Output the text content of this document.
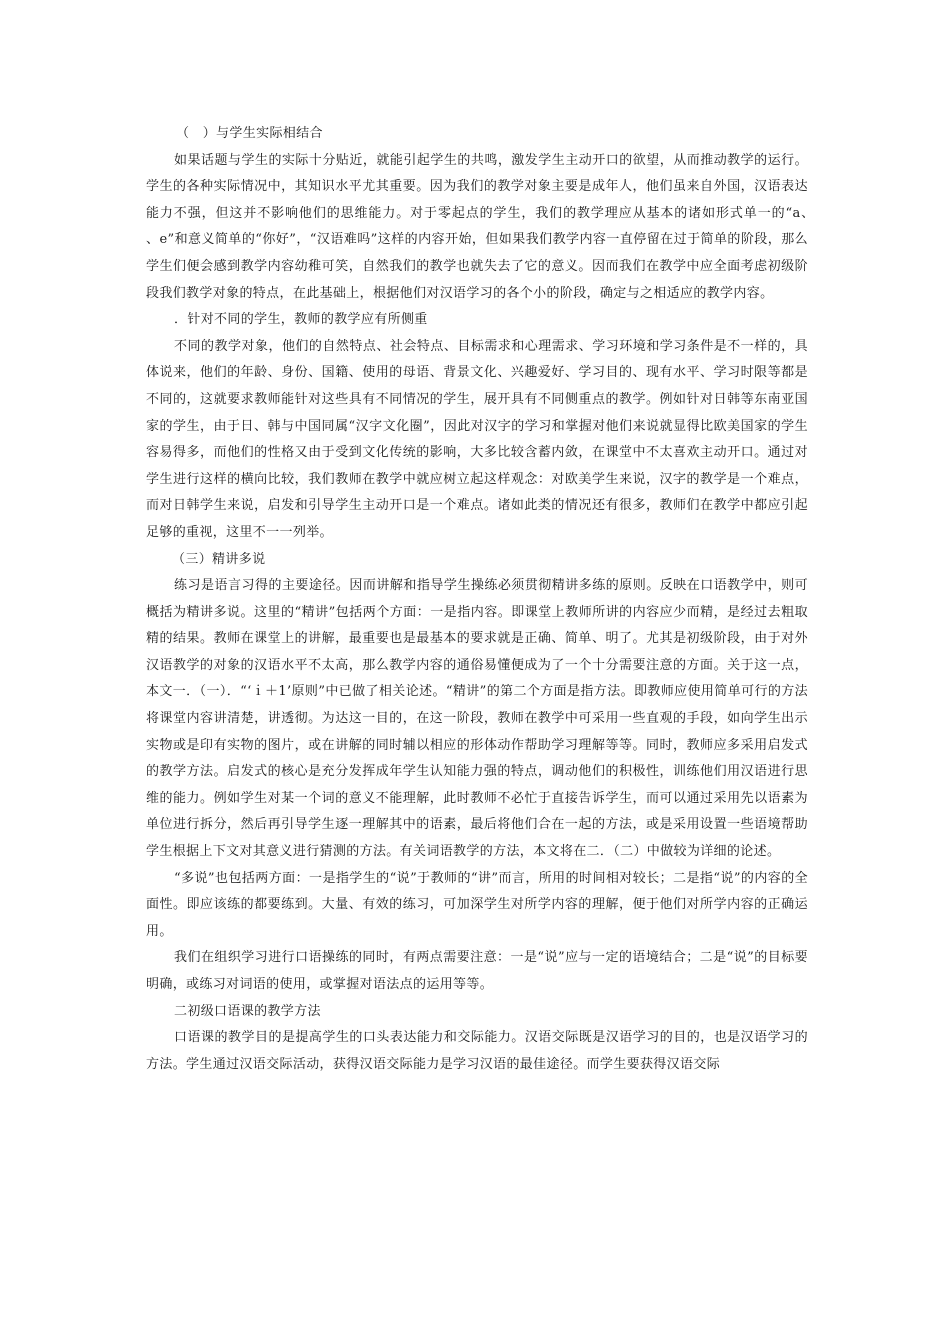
（　）与学生实际相结合

如果话题与学生的实际十分贴近，就能引起学生的共鸣，激发学生主动开口的欲望，从而推动教学的运行。学生的各种实际情况中，其知识水平尤其重要。因为我们的教学对象主要是成年人，他们虽来自外国，汉语表达能力不强，但这并不影响他们的思维能力。对于零起点的学生，我们的教学理应从基本的诸如形式单一的“a、　、e”和意义简单的“你好”，“汉语难吗”这样的内容开始，但如果我们教学内容一直停留在过于简单的阶段，那么学生们便会感到教学内容幼稚可笑，自然我们的教学也就失去了它的意义。因而我们在教学中应全面考虑初级阶段我们教学对象的特点，在此基础上，根据他们对汉语学习的各个小的阶段，确定与之相适应的教学内容。

．针对不同的学生，教师的教学应有所侧重

不同的教学对象，他们的自然特点、社会特点、目标需求和心理需求、学习环境和学习条件是不一样的，具体说来，他们的年龄、身份、国籍、使用的母语、背景文化、兴趣爱好、学习目的、现有水平、学习时限等都是不同的，这就要求教师能针对这些具有不同情况的学生，展开具有不同侧重点的教学。例如针对日韩等东南亚国家的学生，由于日、韩与中国同属“汉字文化圈”，因此对汉字的学习和掌握对他们来说就显得比欧美国家的学生容易得多，而他们的性格又由于受到文化传统的影响，大多比较含蓄内敛，在课堂中不太喜欢主动开口。通过对学生进行这样的横向比较，我们教师在教学中就应树立起这样观念：对欧美学生来说，汉字的教学是一个难点，而对日韩学生来说，启发和引导学生主动开口是一个难点。诸如此类的情况还有很多，教师们在教学中都应引起足够的重视，这里不一一列举。

（三）精讲多说

练习是语言习得的主要途径。因而讲解和指导学生操练必须贯彻精讲多练的原则。反映在口语教学中，则可概括为精讲多说。这里的“精讲”包括两个方面：一是指内容。即课堂上教师所讲的内容应少而精，是经过去粗取精的结果。教师在课堂上的讲解，最重要也是最基本的要求就是正确、简单、明了。尤其是初级阶段，由于对外汉语教学的对象的汉语水平不太高，那么教学内容的通俗易懂便成为了一个十分需要注意的方面。关于这一点，本文一．（一）．“‘ｉ＋1’原则”中已做了相关论述。“精讲”的第二个方面是指方法。即教师应使用简单可行的方法将课堂内容讲清楚，讲透彻。为达这一目的，在这一阶段，教师在教学中可采用一些直观的手段，如向学生出示实物或是印有实物的图片，或在讲解的同时辅以相应的形体动作帮助学习理解等等。同时，教师应多采用启发式的教学方法。启发式的核心是充分发挥成年学生认知能力强的特点，调动他们的积极性，训练他们用汉语进行思维的能力。例如学生对某一个词的意义不能理解，此时教师不必忙于直接告诉学生，而可以通过采用先以语素为单位进行拆分，然后再引导学生逐一理解其中的语素，最后将他们合在一起的方法，或是采用设置一些语境帮助学生根据上下文对其意义进行猜测的方法。有关词语教学的方法，本文将在二．（二）中做较为详细的论述。

“多说”也包括两方面：一是指学生的“说”于教师的“讲”而言，所用的时间相对较长；二是指“说”的内容的全面性。即应该练的都要练到。大量、有效的练习，可加深学生对所学内容的理解，便于他们对所学内容的正确运用。

我们在组织学习进行口语操练的同时，有两点需要注意：一是“说”应与一定的语境结合；二是“说”的目标要明确，或练习对词语的使用，或掌握对语法点的运用等等。

二初级口语课的教学方法

口语课的教学目的是提高学生的口头表达能力和交际能力。汉语交际既是汉语学习的目的，也是汉语学习的方法。学生通过汉语交际活动，获得汉语交际能力是学习汉语的最佳途径。而学生要获得汉语交际
